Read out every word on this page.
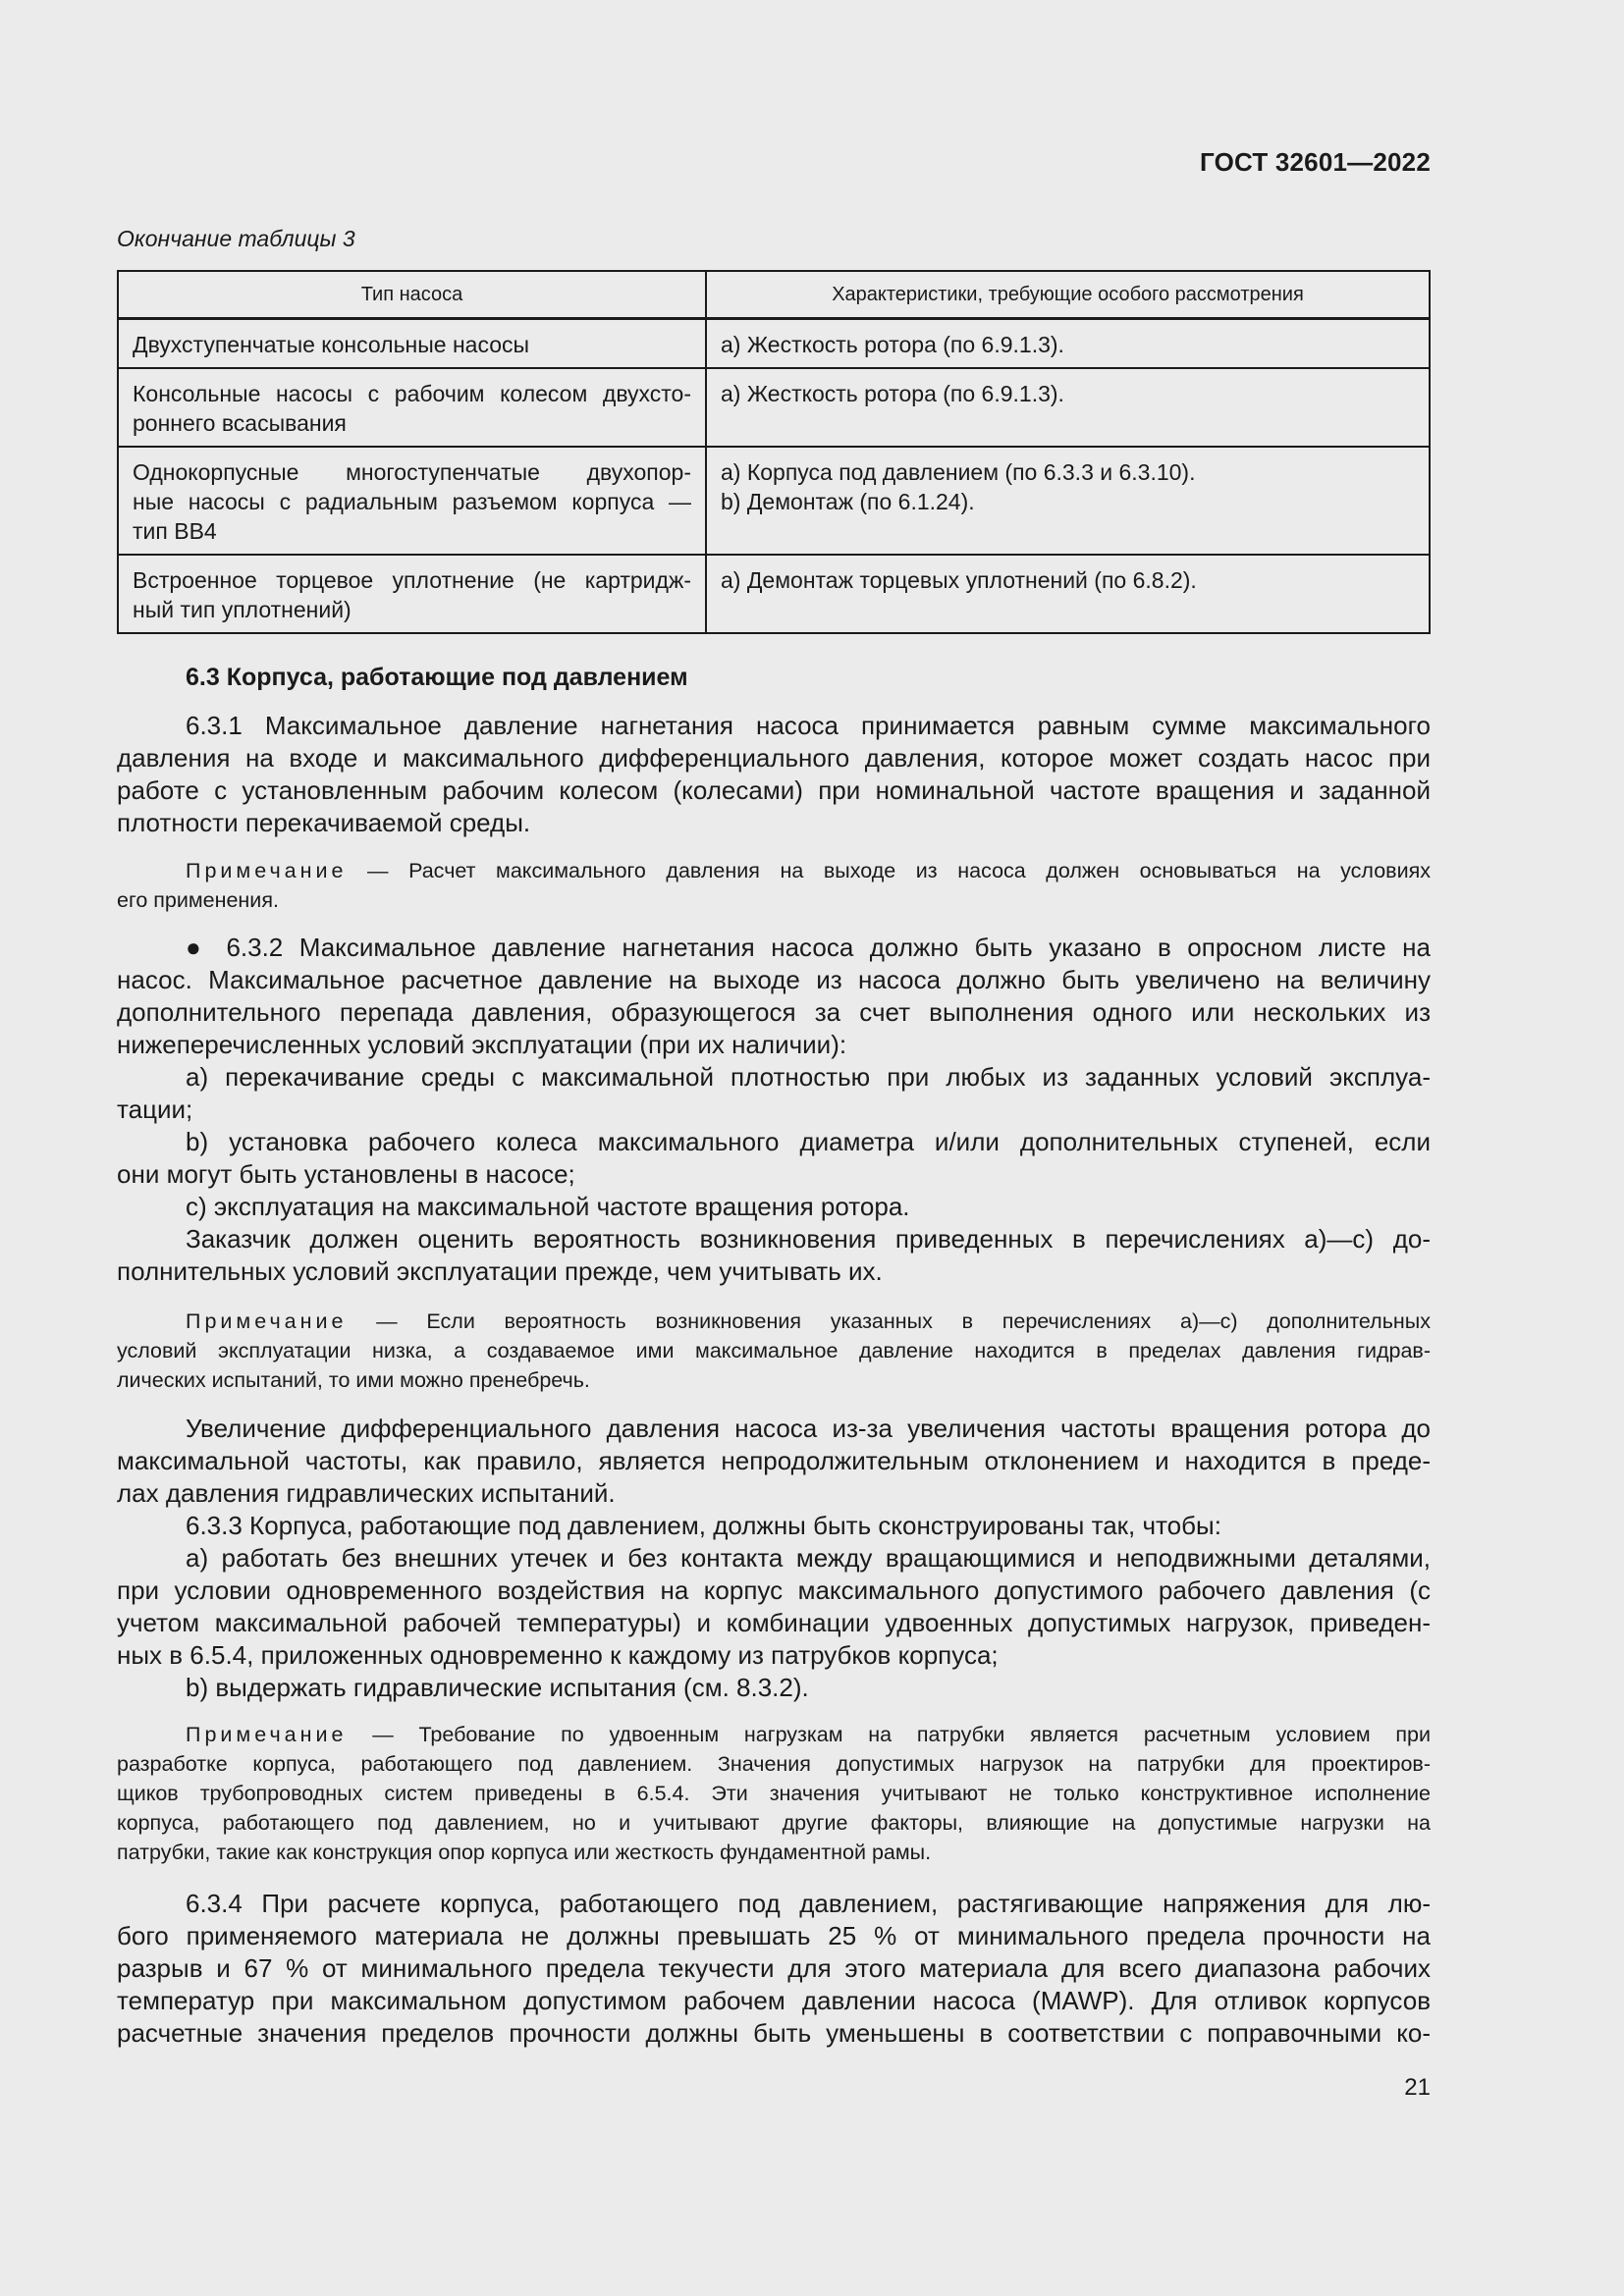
ГОСТ 32601—2022
Окончание таблицы 3
Тип насоса	Характеристики, требующие особого рассмотрения

Двухступенчатые консольные насосы	a) Жесткость ротора (по 6.9.1.3).

Консольные насосы с рабочим колесом двухсто-
роннего всасывания	a) Жесткость ротора (по 6.9.1.3).

Однокорпусные многоступенчатые двухопор-
ные насосы с радиальным разъемом корпуса —
тип ВВ4	a) Корпуса под давлением (по 6.3.3 и 6.3.10).
b) Демонтаж (по 6.1.24).

Встроенное торцевое уплотнение (не картридж-
ный тип уплотнений)	a) Демонтаж торцевых уплотнений (по 6.8.2).
6.3 Корпуса, работающие под давлением
6.3.1 Максимальное давление нагнетания насоса принимается равным сумме максимального
давления на входе и максимального дифференциального давления, которое может создать насос при
работе с установленным рабочим колесом (колесами) при номинальной частоте вращения и заданной
плотности перекачиваемой среды.
Примечание — Расчет максимального давления на выходе из насоса должен основываться на условиях
его применения.
● 6.3.2 Максимальное давление нагнетания насоса должно быть указано в опросном листе на
насос. Максимальное расчетное давление на выходе из насоса должно быть увеличено на величину
дополнительного перепада давления, образующегося за счет выполнения одного или нескольких из
нижеперечисленных условий эксплуатации (при их наличии):
a) перекачивание среды с максимальной плотностью при любых из заданных условий эксплуа-
тации;
b) установка рабочего колеса максимального диаметра и/или дополнительных ступеней, если
они могут быть установлены в насосе;
c) эксплуатация на максимальной частоте вращения ротора.
Заказчик должен оценить вероятность возникновения приведенных в перечислениях а)—с) до-
полнительных условий эксплуатации прежде, чем учитывать их.
Примечание — Если вероятность возникновения указанных в перечислениях а)—с) дополнительных
условий эксплуатации низка, а создаваемое ими максимальное давление находится в пределах давления гидрав-
лических испытаний, то ими можно пренебречь.
Увеличение дифференциального давления насоса из-за увеличения частоты вращения ротора до
максимальной частоты, как правило, является непродолжительным отклонением и находится в преде-
лах давления гидравлических испытаний.
6.3.3 Корпуса, работающие под давлением, должны быть сконструированы так, чтобы:
a) работать без внешних утечек и без контакта между вращающимися и неподвижными деталями,
при условии одновременного воздействия на корпус максимального допустимого рабочего давления (с
учетом максимальной рабочей температуры) и комбинации удвоенных допустимых нагрузок, приведен-
ных в 6.5.4, приложенных одновременно к каждому из патрубков корпуса;
b) выдержать гидравлические испытания (см. 8.3.2).
Примечание — Требование по удвоенным нагрузкам на патрубки является расчетным условием при
разработке корпуса, работающего под давлением. Значения допустимых нагрузок на патрубки для проектиров-
щиков трубопроводных систем приведены в 6.5.4. Эти значения учитывают не только конструктивное исполнение
корпуса, работающего под давлением, но и учитывают другие факторы, влияющие на допустимые нагрузки на
патрубки, такие как конструкция опор корпуса или жесткость фундаментной рамы.
6.3.4 При расчете корпуса, работающего под давлением, растягивающие напряжения для лю-
бого применяемого материала не должны превышать 25 % от минимального предела прочности на
разрыв и 67 % от минимального предела текучести для этого материала для всего диапазона рабочих
температур при максимальном допустимом рабочем давлении насоса (MAWP). Для отливок корпусов
расчетные значения пределов прочности должны быть уменьшены в соответствии с поправочными ко-
21
